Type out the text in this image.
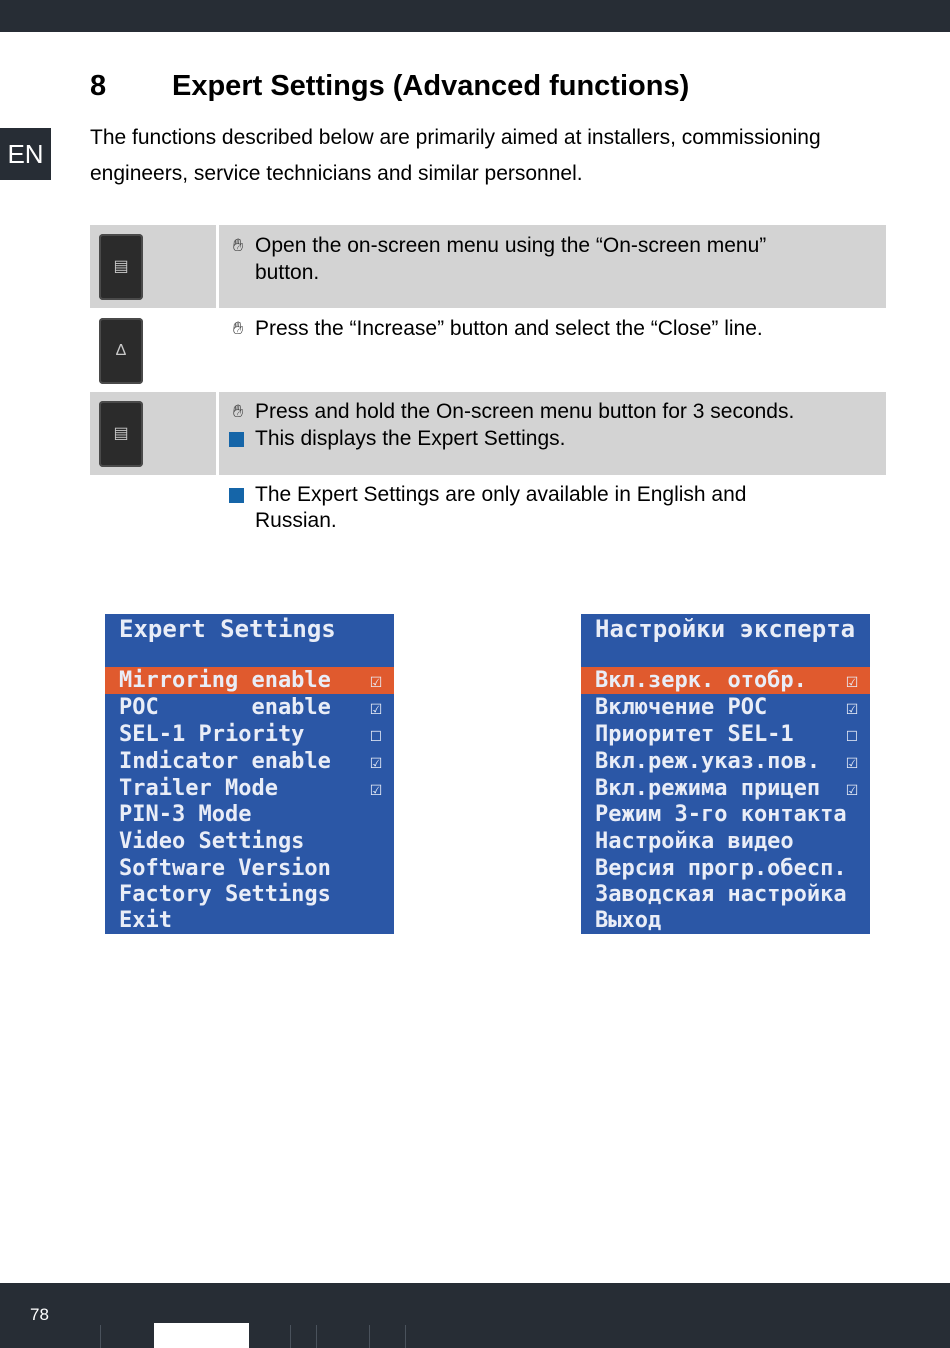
EN
8 Expert Settings (Advanced functions)
The functions described below are primarily aimed at installers, commissioning engineers, service technicians and similar personnel.
▤
✋︎ Open the on-screen menu using the “On-screen menu”
button.
Δ
✋︎ Press the “Increase” button and select the “Close” line.
▤
✋︎ Press and hold the On-screen menu button for 3 seconds.
This displays the Expert Settings.
The Expert Settings are only available in English and
Russian.
Expert Settings
Mirroring enable ☑
POC       enable ☑
SEL-1 Priority	☐
Indicator enable ☑
Trailer Mode	☑
PIN-3 Mode
Video Settings
Software Version
Factory Settings
Exit
Настройки эксперта
Вкл.зерк. отобр. ☑
Включение POC	☑
Приоритет SEL-1	☐
Вкл.реж.указ.пов. ☑
Вкл.режима прицеп ☑
Режим 3-го контакта
Настройка видео
Версия прогр.обесп.
Заводская настройка
Выход
78
